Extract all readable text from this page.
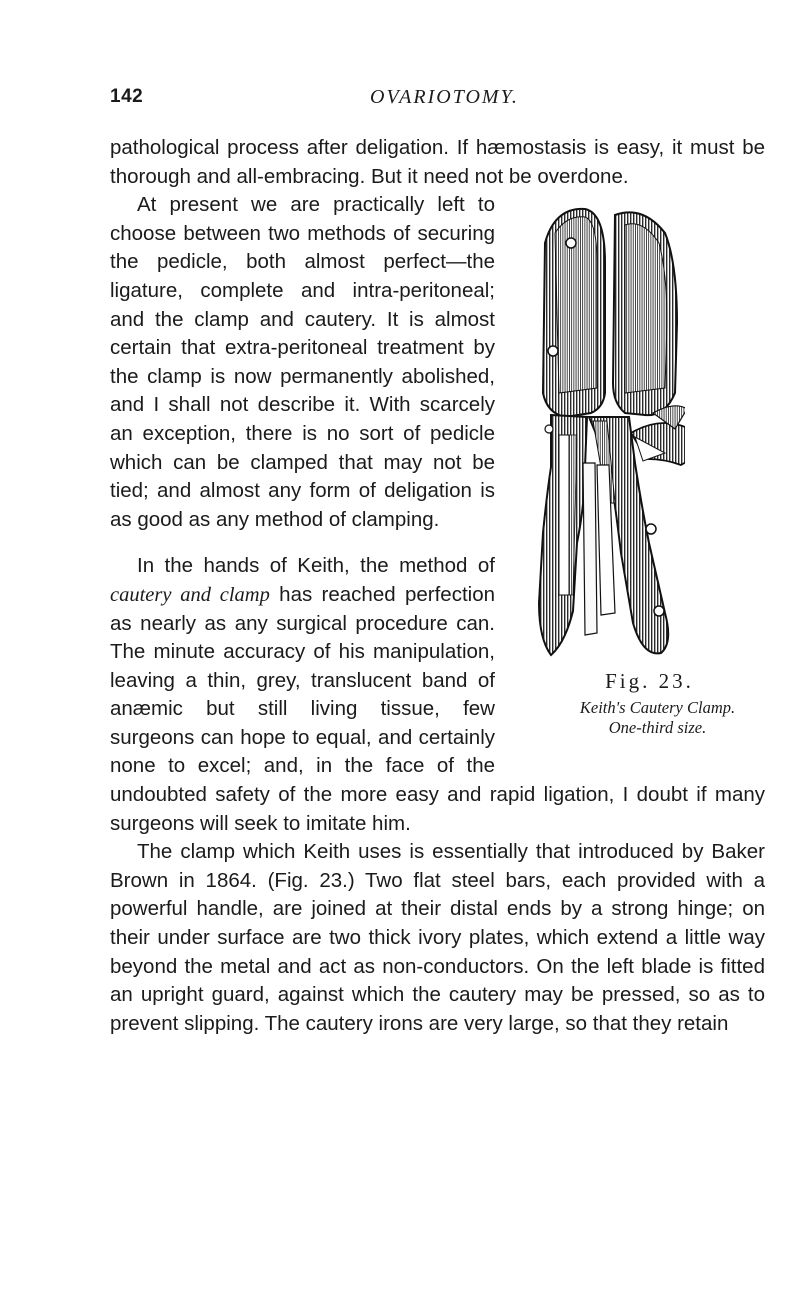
142	OVARIOTOMY.

pathological process after deligation. If hæmostasis is easy, it must be thorough and all-embracing. But it need not be overdone.

Fig. 23.
Keith's Cautery Clamp.
One-third size.
At present we are practically left to choose between two methods of securing the pedicle, both almost perfect—the ligature, complete and intra-peritoneal; and the clamp and cautery. It is almost certain that extra-peritoneal treatment by the clamp is now permanently abolished, and I shall not describe it. With scarcely an exception, there is no sort of pedicle which can be clamped that may not be tied; and almost any form of deligation is as good as any method of clamping.

In the hands of Keith, the method of cautery and clamp has reached perfection as nearly as any surgical procedure can. The minute accuracy of his manipulation, leaving a thin, grey, translucent band of anæmic but still living tissue, few surgeons can hope to equal, and certainly none to excel; and, in the face of the undoubted safety of the more easy and rapid ligation, I doubt if many surgeons will seek to imitate him.

The clamp which Keith uses is essentially that introduced by Baker Brown in 1864. (Fig. 23.) Two flat steel bars, each provided with a powerful handle, are joined at their distal ends by a strong hinge; on their under surface are two thick ivory plates, which extend a little way beyond the metal and act as non-conductors. On the left blade is fitted an upright guard, against which the cautery may be pressed, so as to prevent slipping. The cautery irons are very large, so that they retain
